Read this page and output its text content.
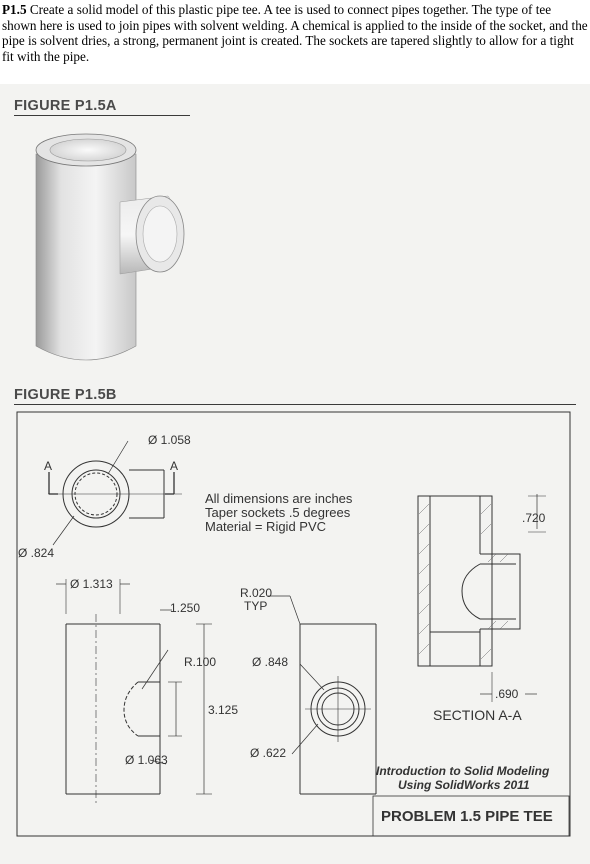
P1.5 Create a solid model of this plastic pipe tee. A tee is used to connect pipes together. The type of tee shown here is used to join pipes with solvent welding. A chemical is applied to the inside of the socket, and the pipe is solvent dries, a strong, permanent joint is created. The sockets are tapered slightly to allow for a tight fit with the pipe.

FIGURE P1.5A
FIGURE P1.5B
Ø 1.058
A	A
Ø .824
All dimensions are inches
Taper sockets .5 degrees
Material = Rigid PVC
Ø 1.313
1.250
R.020
TYP
R.100	Ø .848
3.125
Ø 1.063	Ø .622
.720
.690
SECTION A-A
Introduction to Solid Modeling
Using SolidWorks 2011
PROBLEM 1.5 PIPE TEE
